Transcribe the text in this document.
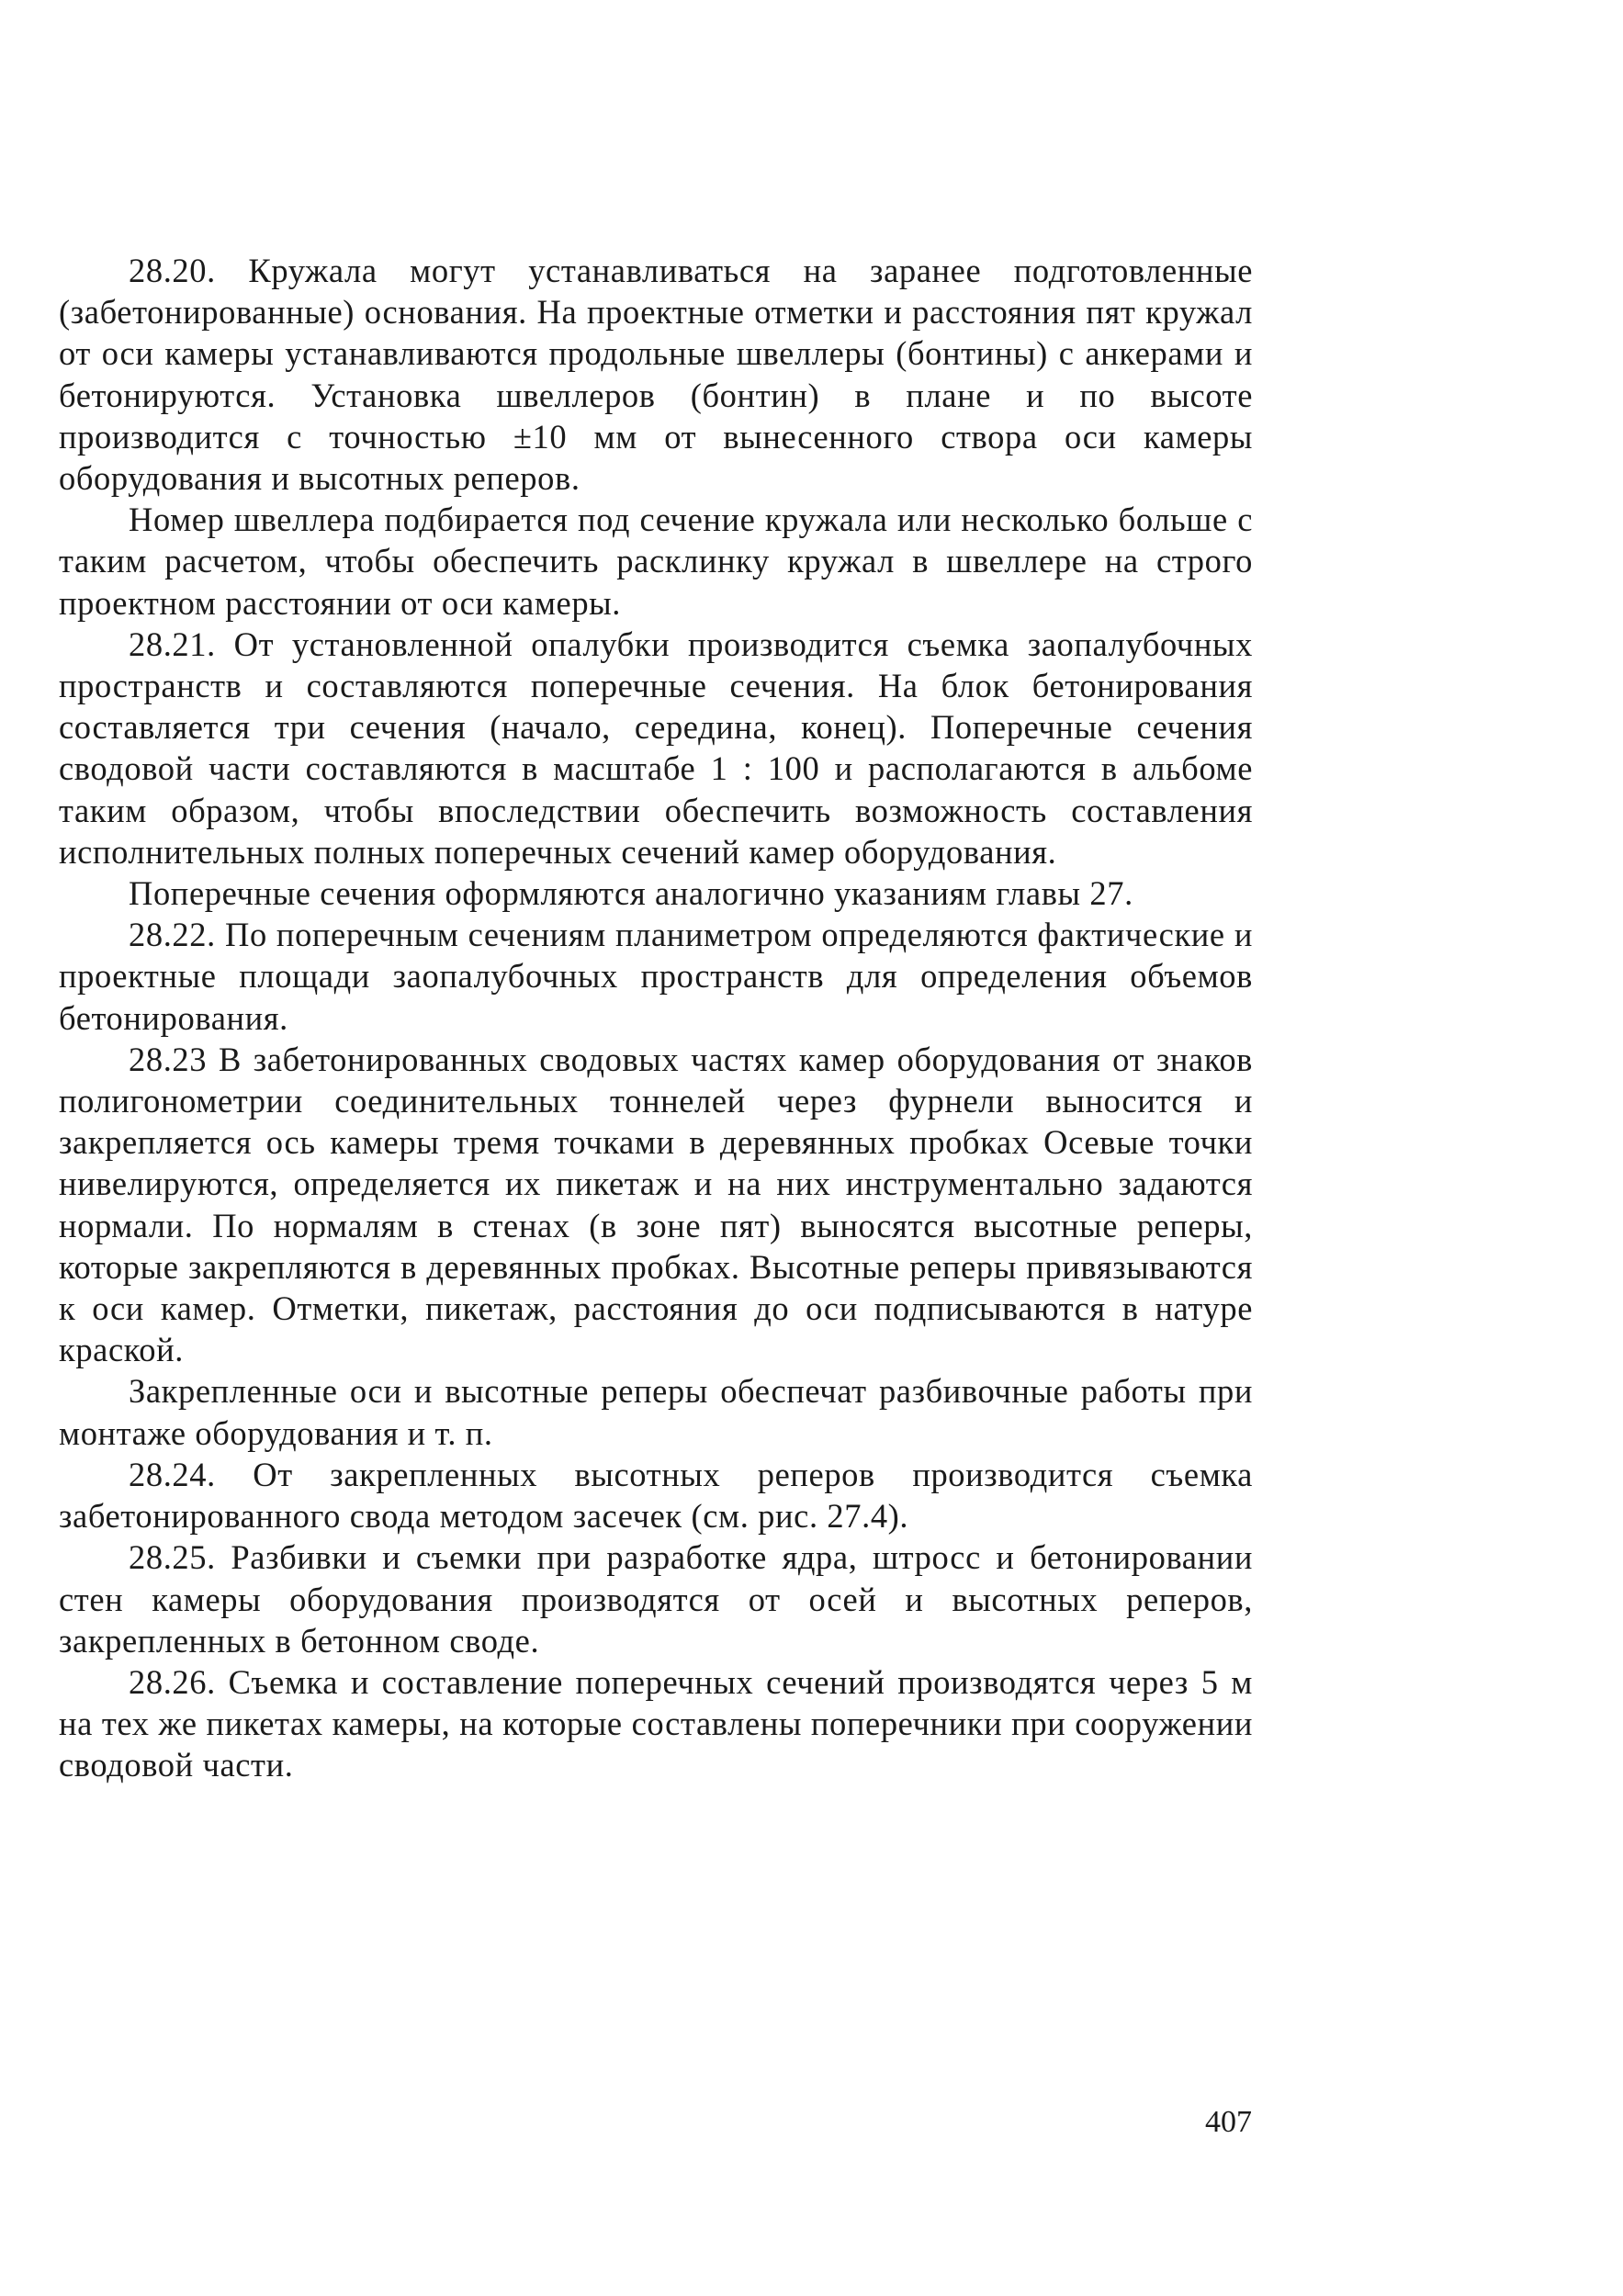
28.20. Кружала могут устанавливаться на заранее подготовленные (забетонированные) основания. На проектные отметки и расстояния пят кружал от оси камеры устанавливаются продольные швеллеры (бонтины) с анкерами и бетонируются. Установка швеллеров (бонтин) в плане и по высоте производится с точностью ±10 мм от вынесенного створа оси камеры оборудования и высотных реперов.

Номер швеллера подбирается под сечение кружала или несколько больше с таким расчетом, чтобы обеспечить расклинку кружал в швеллере на строго проектном расстоянии от оси камеры.

28.21. От установленной опалубки производится съемка заопалубочных пространств и составляются поперечные сечения. На блок бетонирования составляется три сечения (начало, середина, конец). Поперечные сечения сводовой части составляются в масштабе 1 : 100 и располагаются в альбоме таким образом, чтобы впоследствии обеспечить возможность составления исполнительных полных поперечных сечений камер оборудования.

Поперечные сечения оформляются аналогично указаниям главы 27.

28.22. По поперечным сечениям планиметром определяются фактические и проектные площади заопалубочных пространств для определения объемов бетонирования.

28.23 В забетонированных сводовых частях камер оборудования от знаков полигонометрии соединительных тоннелей через фурнели выносится и закрепляется ось камеры тремя точками в деревянных пробках Осевые точки нивелируются, определяется их пикетаж и на них инструментально задаются нормали. По нормалям в стенах (в зоне пят) выносятся высотные реперы, которые закрепляются в деревянных пробках. Высотные реперы привязываются к оси камер. Отметки, пикетаж, расстояния до оси подписываются в натуре краской.

Закрепленные оси и высотные реперы обеспечат разбивочные работы при монтаже оборудования и т. п.

28.24. От закрепленных высотных реперов производится съемка забетонированного свода методом засечек (см. рис. 27.4).

28.25. Разбивки и съемки при разработке ядра, штросс и бетонировании стен камеры оборудования производятся от осей и высотных реперов, закрепленных в бетонном своде.

28.26. Съемка и составление поперечных сечений производятся через 5 м на тех же пикетах камеры, на которые составлены поперечники при сооружении сводовой части.

407
